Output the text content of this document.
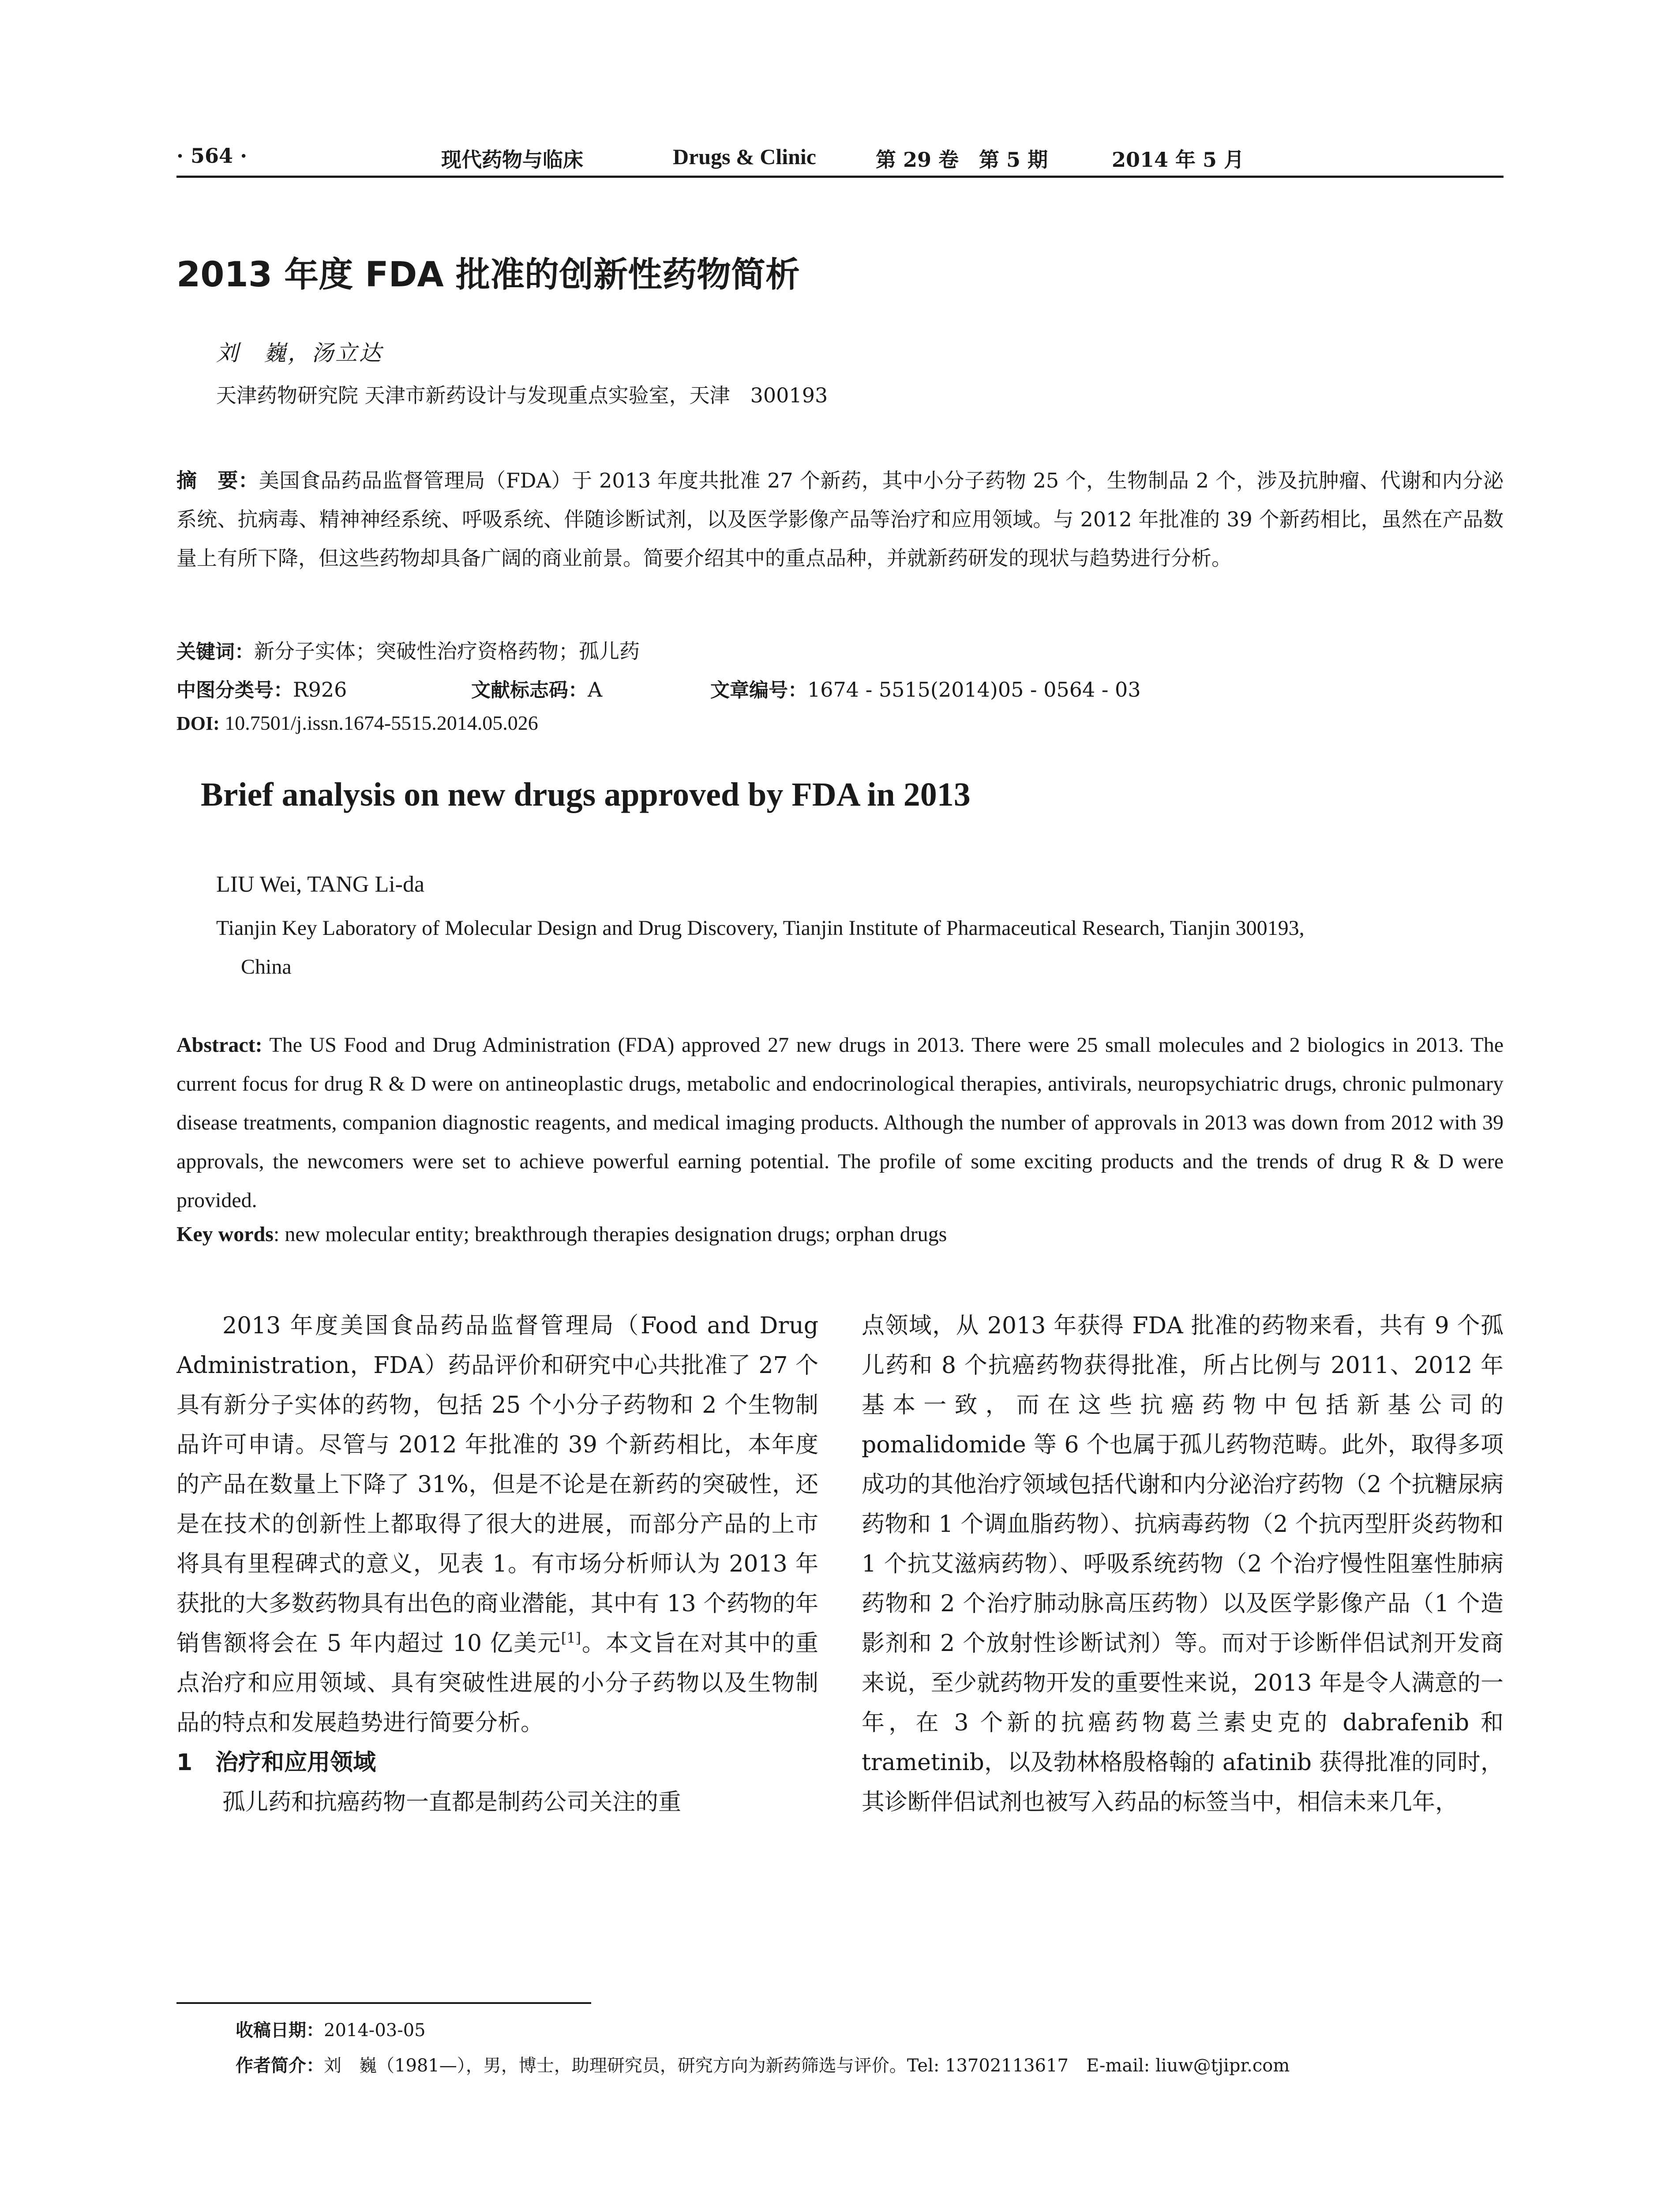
· 564 ·	现代药物与临床	Drugs & Clinic	第 29 卷　第 5 期	2014 年 5 月
2013 年度 FDA 批准的创新性药物简析
刘　巍，汤立达
天津药物研究院 天津市新药设计与发现重点实验室，天津　300193
摘　要：美国食品药品监督管理局（FDA）于 2013 年度共批准 27 个新药，其中小分子药物 25 个，生物制品 2 个，涉及抗肿瘤、代谢和内分泌系统、抗病毒、精神神经系统、呼吸系统、伴随诊断试剂，以及医学影像产品等治疗和应用领域。与 2012 年批准的 39 个新药相比，虽然在产品数量上有所下降，但这些药物却具备广阔的商业前景。简要介绍其中的重点品种，并就新药研发的现状与趋势进行分析。
关键词：新分子实体；突破性治疗资格药物；孤儿药
中图分类号：R926	文献标志码：A	文章编号：1674 - 5515(2014)05 - 0564 - 03
DOI: 10.7501/j.issn.1674-5515.2014.05.026
Brief analysis on new drugs approved by FDA in 2013
LIU Wei, TANG Li-da
Tianjin Key Laboratory of Molecular Design and Drug Discovery, Tianjin Institute of Pharmaceutical Research, Tianjin 300193,
China
Abstract: The US Food and Drug Administration (FDA) approved 27 new drugs in 2013. There were 25 small molecules and 2 biologics in 2013. The current focus for drug R & D were on antineoplastic drugs, metabolic and endocrinological therapies, antivirals, neuropsychiatric drugs, chronic pulmonary disease treatments, companion diagnostic reagents, and medical imaging products. Although the number of approvals in 2013 was down from 2012 with 39 approvals, the newcomers were set to achieve powerful earning potential. The profile of some exciting products and the trends of drug R & D were provided.
Key words: new molecular entity; breakthrough therapies designation drugs; orphan drugs

2013 年度美国食品药品监督管理局（Food and Drug Administration，FDA）药品评价和研究中心共批准了 27 个具有新分子实体的药物，包括 25 个小分子药物和 2 个生物制品许可申请。尽管与 2012 年批准的 39 个新药相比，本年度的产品在数量上下降了 31%，但是不论是在新药的突破性，还是在技术的创新性上都取得了很大的进展，而部分产品的上市将具有里程碑式的意义，见表 1。有市场分析师认为 2013 年获批的大多数药物具有出色的商业潜能，其中有 13 个药物的年销售额将会在 5 年内超过 10 亿美元[1]。本文旨在对其中的重点治疗和应用领域、具有突破性进展的小分子药物以及生物制品的特点和发展趋势进行简要分析。

1　治疗和应用领域

孤儿药和抗癌药物一直都是制药公司关注的重

点领域，从 2013 年获得 FDA 批准的药物来看，共有 9 个孤儿药和 8 个抗癌药物获得批准，所占比例与 2011、2012 年基本一致，而在这些抗癌药物中包括新基公司的 pomalidomide 等 6 个也属于孤儿药物范畴。此外，取得多项成功的其他治疗领域包括代谢和内分泌治疗药物（2 个抗糖尿病药物和 1 个调血脂药物）、抗病毒药物（2 个抗丙型肝炎药物和 1 个抗艾滋病药物）、呼吸系统药物（2 个治疗慢性阻塞性肺病药物和 2 个治疗肺动脉高压药物）以及医学影像产品（1 个造影剂和 2 个放射性诊断试剂）等。而对于诊断伴侣试剂开发商来说，至少就药物开发的重要性来说，2013 年是令人满意的一年，在 3 个新的抗癌药物葛兰素史克的 dabrafenib 和 trametinib，以及勃林格殷格翰的 afatinib 获得批准的同时，其诊断伴侣试剂也被写入药品的标签当中，相信未来几年，

收稿日期：2014-03-05
作者简介：刘　巍（1981—），男，博士，助理研究员，研究方向为新药筛选与评价。Tel: 13702113617　E-mail: liuw@tjipr.com
